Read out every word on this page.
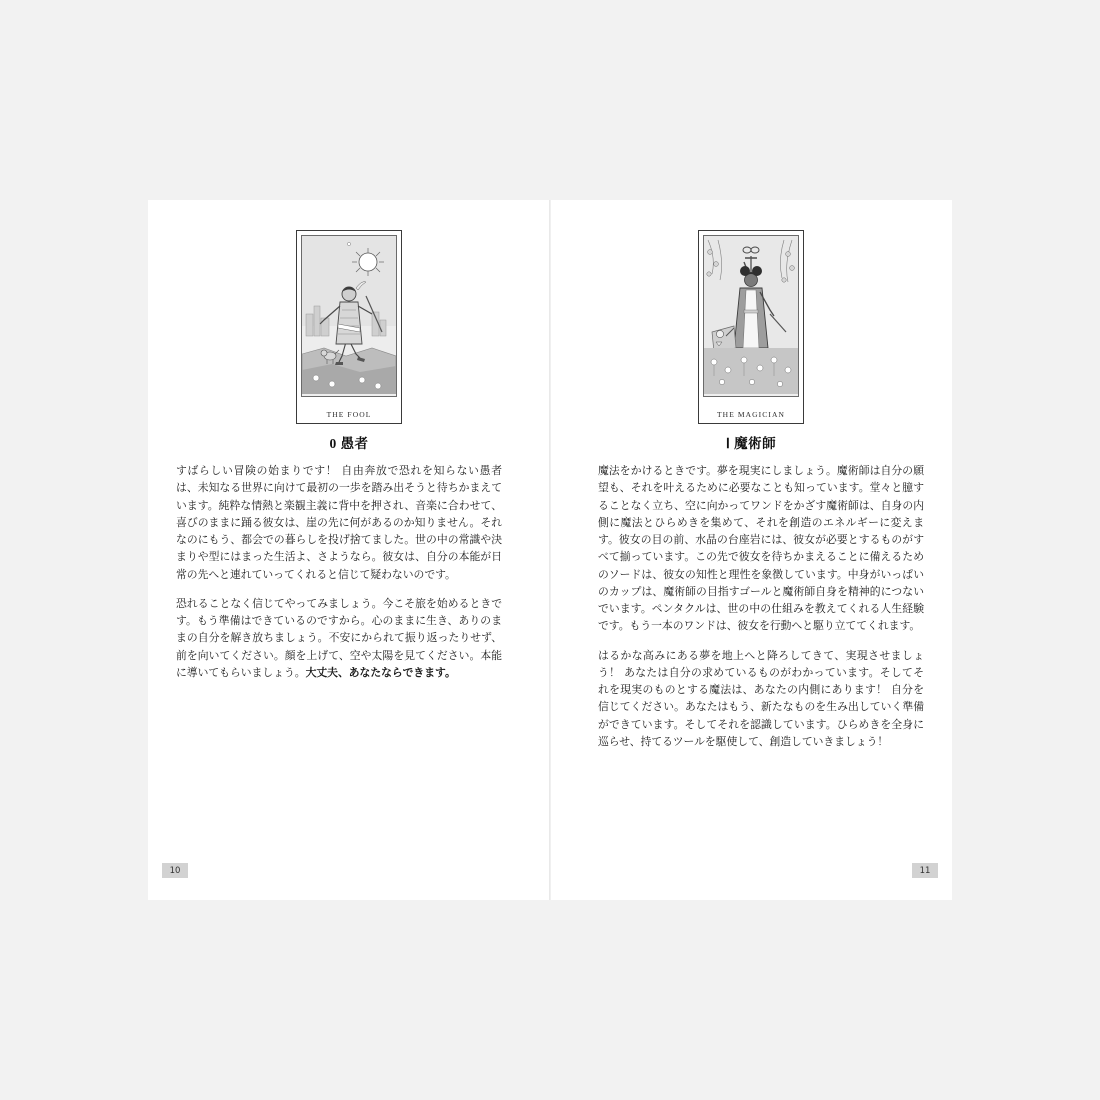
THE FOOL
0 愚者

すばらしい冒険の始まりです！ 自由奔放で恐れを知らない愚者は、未知なる世界に向けて最初の一歩を踏み出そうと待ちかまえています。純粋な情熱と楽観主義に背中を押され、音楽に合わせて、喜びのままに踊る彼女は、崖の先に何があるのか知りません。それなのにもう、都会での暮らしを投げ捨てました。世の中の常識や決まりや型にはまった生活よ、さようなら。彼女は、自分の本能が日常の先へと連れていってくれると信じて疑わないのです。

恐れることなく信じてやってみましょう。今こそ旅を始めるときです。もう準備はできているのですから。心のままに生き、ありのままの自分を解き放ちましょう。不安にかられて振り返ったりせず、前を向いてください。顔を上げて、空や太陽を見てください。本能に導いてもらいましょう。大丈夫、あなたならできます。

10
THE MAGICIAN
Ⅰ 魔術師

魔法をかけるときです。夢を現実にしましょう。魔術師は自分の願望も、それを叶えるために必要なことも知っています。堂々と臆することなく立ち、空に向かってワンドをかざす魔術師は、自身の内側に魔法とひらめきを集めて、それを創造のエネルギーに変えます。彼女の目の前、水晶の台座岩には、彼女が必要とするものがすべて揃っています。この先で彼女を待ちかまえることに備えるためのソードは、彼女の知性と理性を象徴しています。中身がいっぱいのカップは、魔術師の目指すゴールと魔術師自身を精神的につないでいます。ペンタクルは、世の中の仕組みを教えてくれる人生経験です。もう一本のワンドは、彼女を行動へと駆り立ててくれます。

はるかな高みにある夢を地上へと降ろしてきて、実現させましょう！ あなたは自分の求めているものがわかっています。そしてそれを現実のものとする魔法は、あなたの内側にあります！ 自分を信じてください。あなたはもう、新たなものを生み出していく準備ができています。そしてそれを認識しています。ひらめきを全身に巡らせ、持てるツールを駆使して、創造していきましょう！

11
